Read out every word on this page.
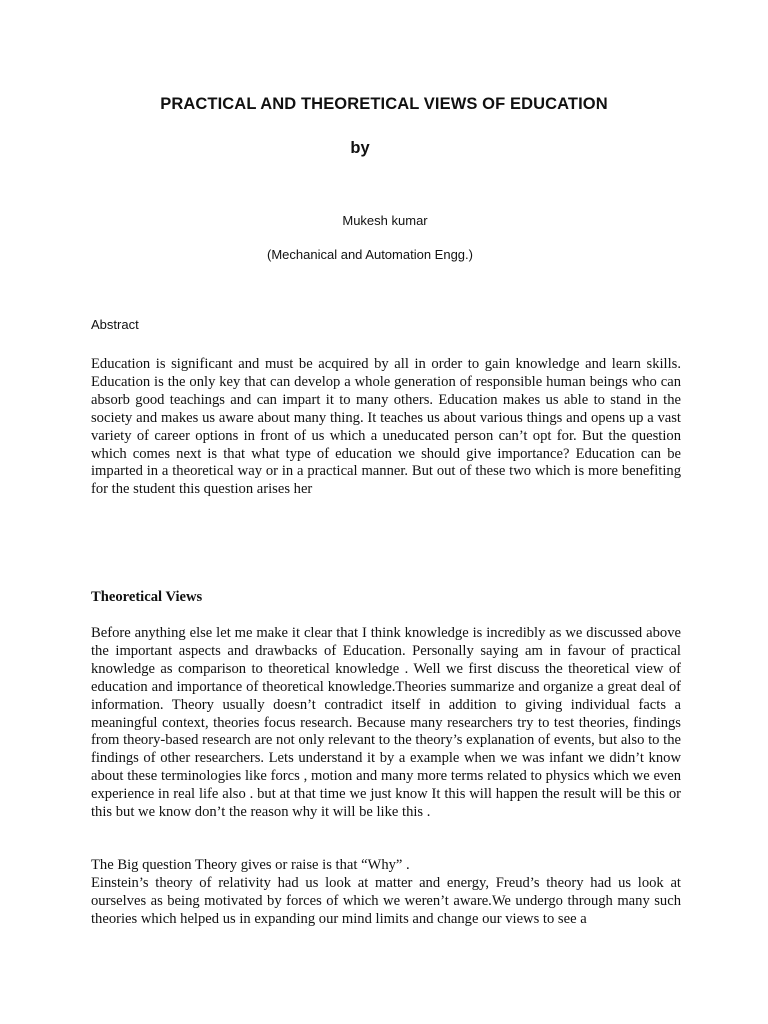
PRACTICAL AND THEORETICAL VIEWS OF EDUCATION
by
Mukesh kumar
(Mechanical and Automation Engg.)
Abstract

Education is significant and must be acquired by all in order to gain knowledge and learn skills. Education is the only key that can develop a whole generation of responsible human beings who can absorb good teachings and can impart it to many others. Education makes us able to stand in the society and makes us aware about many thing. It teaches us about various things and opens up a vast variety of career options in front of us which a uneducated person can’t opt for. But the question which comes next is that what type of education we should give importance? Education can be imparted in a theoretical way or in a practical manner. But out of these two which is more benefiting for the student this question arises her

Theoretical Views

Before anything else let me make it clear that I think knowledge is incredibly as we discussed above the important aspects and drawbacks of Education. Personally saying am in favour of practical knowledge as comparison to theoretical knowledge . Well we first discuss the theoretical view of education and importance of theoretical knowledge.Theories summarize and organize a great deal of information. Theory usually doesn’t contradict itself in addition to giving individual facts a meaningful context, theories focus research. Because many researchers try to test theories, findings from theory-based research are not only relevant to the theory’s explanation of events, but also to the findings of other researchers. Lets understand it by a example when we was infant we didn’t know about these terminologies like forcs , motion and many more terms related to physics which we even experience in real life also . but at that time we just know It this will happen the result will be this or this but we know don’t the reason why it will be like this .

The Big question Theory gives or raise is that “Why” .

Einstein’s theory of relativity had us look at matter and energy, Freud’s theory had us look at ourselves as being motivated by forces of which we weren’t aware.We undergo through many such theories which helped us in expanding our mind limits and change our views to see a
